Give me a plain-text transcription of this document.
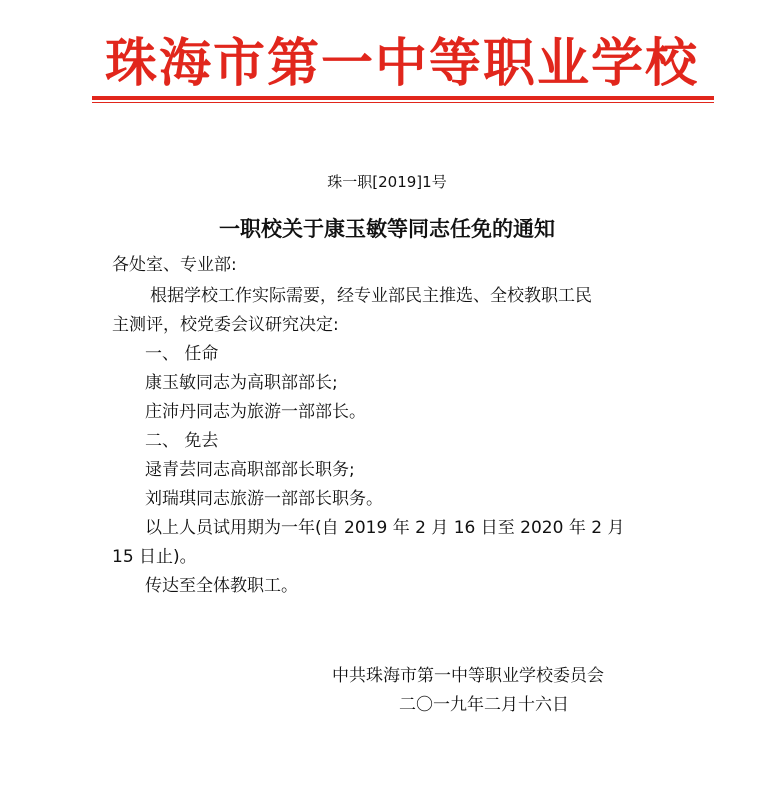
珠海市第一中等职业学校
珠一职[2019]1号
一职校关于康玉敏等同志任免的通知
各处室、专业部:
根据学校工作实际需要，经专业部民主推选、全校教职工民
主测评，校党委会议研究决定:
一、 任命
康玉敏同志为高职部部长;
庄沛丹同志为旅游一部部长。
二、 免去
逯青芸同志高职部部长职务;
刘瑞琪同志旅游一部部长职务。
以上人员试用期为一年(自 2019 年 2 月 16 日至 2020 年 2 月
15 日止)。
传达至全体教职工。
中共珠海市第一中等职业学校委员会
二〇一九年二月十六日
